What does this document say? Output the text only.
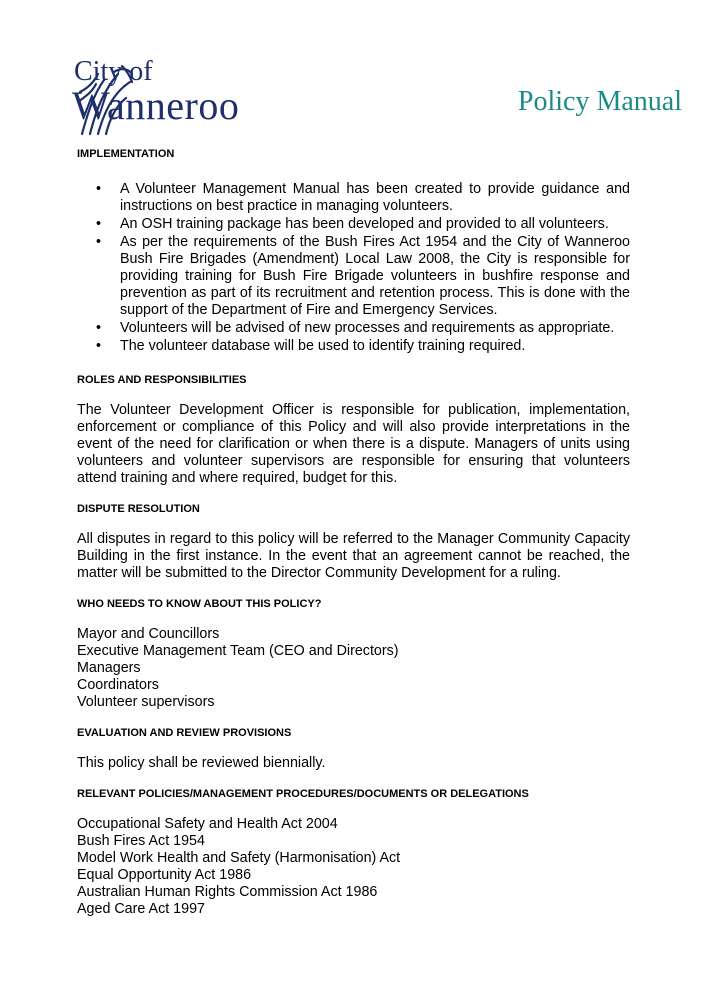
City of
Wanneroo	Policy Manual
IMPLEMENTATION
• A Volunteer Management Manual has been created to provide guidance and instructions on best practice in managing volunteers.
• An OSH training package has been developed and provided to all volunteers.
• As per the requirements of the Bush Fires Act 1954 and the City of Wanneroo Bush Fire Brigades (Amendment) Local Law 2008, the City is responsible for providing training for Bush Fire Brigade volunteers in bushfire response and prevention as part of its recruitment and retention process. This is done with the support of the Department of Fire and Emergency Services.
• Volunteers will be advised of new processes and requirements as appropriate.
• The volunteer database will be used to identify training required.
ROLES AND RESPONSIBILITIES

The Volunteer Development Officer is responsible for publication, implementation, enforcement or compliance of this Policy and will also provide interpretations in the event of the need for clarification or when there is a dispute. Managers of units using volunteers and volunteer supervisors are responsible for ensuring that volunteers attend training and where required, budget for this.

DISPUTE RESOLUTION

All disputes in regard to this policy will be referred to the Manager Community Capacity Building in the first instance. In the event that an agreement cannot be reached, the matter will be submitted to the Director Community Development for a ruling.

WHO NEEDS TO KNOW ABOUT THIS POLICY?
Mayor and Councillors
Executive Management Team (CEO and Directors)
Managers
Coordinators
Volunteer supervisors
EVALUATION AND REVIEW PROVISIONS

This policy shall be reviewed biennially.

RELEVANT POLICIES/MANAGEMENT PROCEDURES/DOCUMENTS OR DELEGATIONS
Occupational Safety and Health Act 2004
Bush Fires Act 1954
Model Work Health and Safety (Harmonisation) Act
Equal Opportunity Act 1986
Australian Human Rights Commission Act 1986
Aged Care Act 1997
